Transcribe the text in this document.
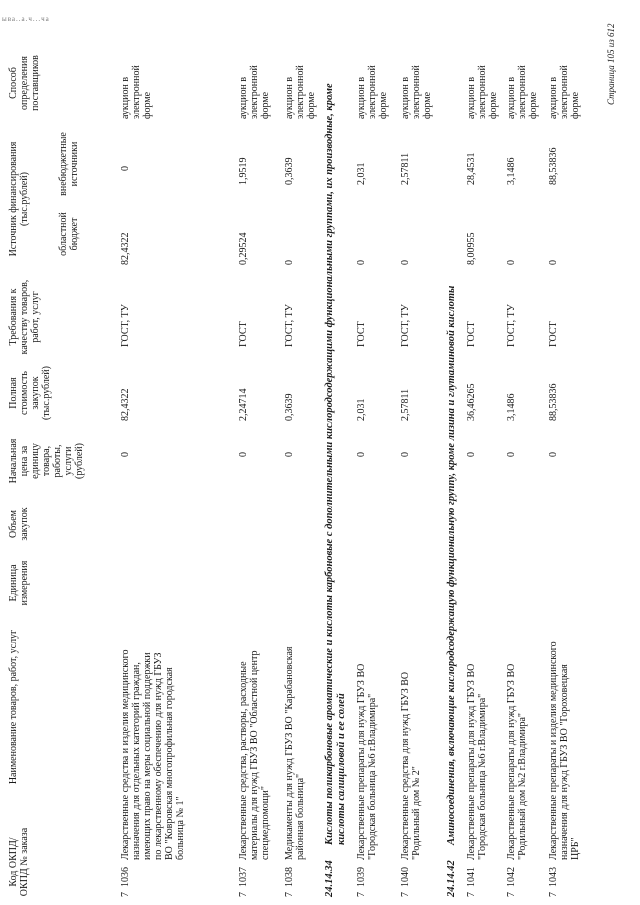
ыва..а.ч...ча
Код ОКПД/ ОКПД № заказа
Наименование товаров, работ, услуг
Единица измерения
Объем закупок
Начальная цена за единицу товара, работы, услуги (рублей)
Полная стоимость закупок (тыс.рублей)
Требования к качеству товаров, работ, услуг
Источник финансирования (тыс.рублей)
областной бюджет
внебюджетные источники
Способ определения поставщиков
7
1036
Лекарственные средства и изделия медицинского назначения для отдельных категорий граждан, имеющих право на меры социальной поддержки по лекарственному обеспечению для нужд ГБУЗ ВО "Ковровская многопрофильная городская больница № 1"
0
82,4322
ГОСТ, ТУ
82,4322
0
аукцион в электронной форме
7
1037
Лекарственные средства, растворы, расходные материалы для нужд ГБУЗ ВО "Областной центр спецмедпомощи"
0
2,24714
ГОСТ
0,29524
1,9519
аукцион в электронной форме
7
1038
Медикаменты для нужд ГБУЗ ВО "Карабановская районная больница"
0
0,3639
ГОСТ, ТУ
0
0,3639
аукцион в электронной форме
24.14.34
Кислоты поликарбоновые ароматические и кислоты карбоновые с дополнительными кислородсодержащими функциональными группами, их производные, кроме кислоты салициловой и ее солей
7
1039
Лекарственные препараты для нужд ГБУЗ ВО "Городская больница №6 г.Владимира"
0
2,031
ГОСТ
0
2,031
аукцион в электронной форме
7
1040
Лекарственные средства для нужд ГБУЗ ВО "Родильный дом № 2"
0
2,57811
ГОСТ, ТУ
0
2,57811
аукцион в электронной форме
24.14.42
Аминосоединения, включающие кислородсодержащую функциональную группу, кроме лизина и глутаминовой кислоты
7
1041
Лекарственные препараты для нужд ГБУЗ ВО "Городская больница №6 г.Владимира"
0
36,46265
ГОСТ
8,00955
28,4531
аукцион в электронной форме
7
1042
Лекарственные препараты для нужд ГБУЗ ВО "Родильный дом №2 г.Владимира"
0
3,1486
ГОСТ, ТУ
0
3,1486
аукцион в электронной форме
7
1043
Лекарственные препараты и изделия медицинского назначения для нужд ГБУЗ ВО "Гороховецкая ЦРБ"
0
88,53836
ГОСТ
0
88,53836
аукцион в электронной форме
Страница 105 из 612
